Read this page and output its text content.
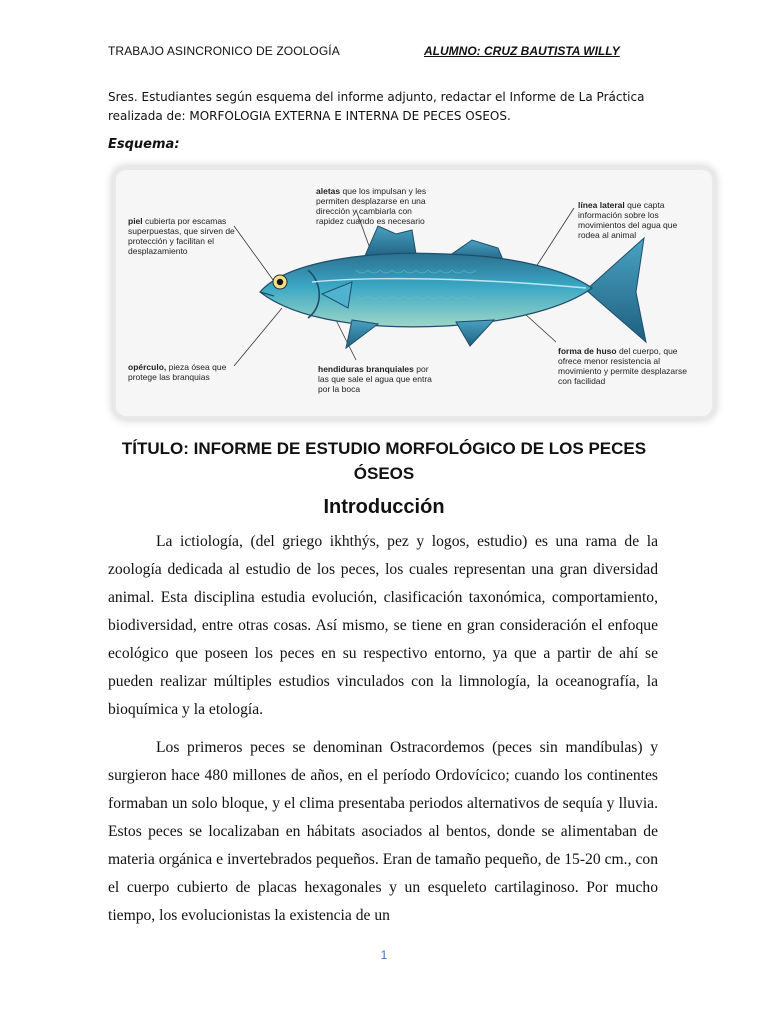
TRABAJO ASINCRONICO DE ZOOLOGÍA	ALUMNO: CRUZ BAUTISTA WILLY
Sres. Estudiantes según esquema del informe adjunto, redactar el Informe de La Práctica realizada de: MORFOLOGIA EXTERNA E INTERNA DE PECES OSEOS.
Esquema:
piel cubierta por escamas superpuestas, que sirven de protección y facilitan el desplazamiento
aletas que los impulsan y les permiten desplazarse en una dirección y cambiarla con rapidez cuando es necesario
línea lateral que capta información sobre los movimientos del agua que rodea al animal
opérculo, pieza ósea que protege las branquias
hendiduras branquiales por las que sale el agua que entra por la boca
forma de huso del cuerpo, que ofrece menor resistencia al movimiento y permite desplazarse con facilidad
TÍTULO: INFORME DE ESTUDIO MORFOLÓGICO DE LOS PECES ÓSEOS
Introducción

La ictiología, (del griego ikhthýs, pez y logos, estudio) es una rama de la zoología dedicada al estudio de los peces, los cuales representan una gran diversidad animal. Esta disciplina estudia evolución, clasificación taxonómica, comportamiento, biodiversidad, entre otras cosas. Así mismo, se tiene en gran consideración el enfoque ecológico que poseen los peces en su respectivo entorno, ya que a partir de ahí se pueden realizar múltiples estudios vinculados con la limnología, la oceanografía, la bioquímica y la etología.

Los primeros peces se denominan Ostracordemos (peces sin mandíbulas) y surgieron hace 480 millones de años, en el período Ordovícico; cuando los continentes formaban un solo bloque, y el clima presentaba periodos alternativos de sequía y lluvia. Estos peces se localizaban en hábitats asociados al bentos, donde se alimentaban de materia orgánica e invertebrados pequeños. Eran de tamaño pequeño, de 15-20 cm., con el cuerpo cubierto de placas hexagonales y un esqueleto cartilaginoso. Por mucho tiempo, los evolucionistas la existencia de un

1
